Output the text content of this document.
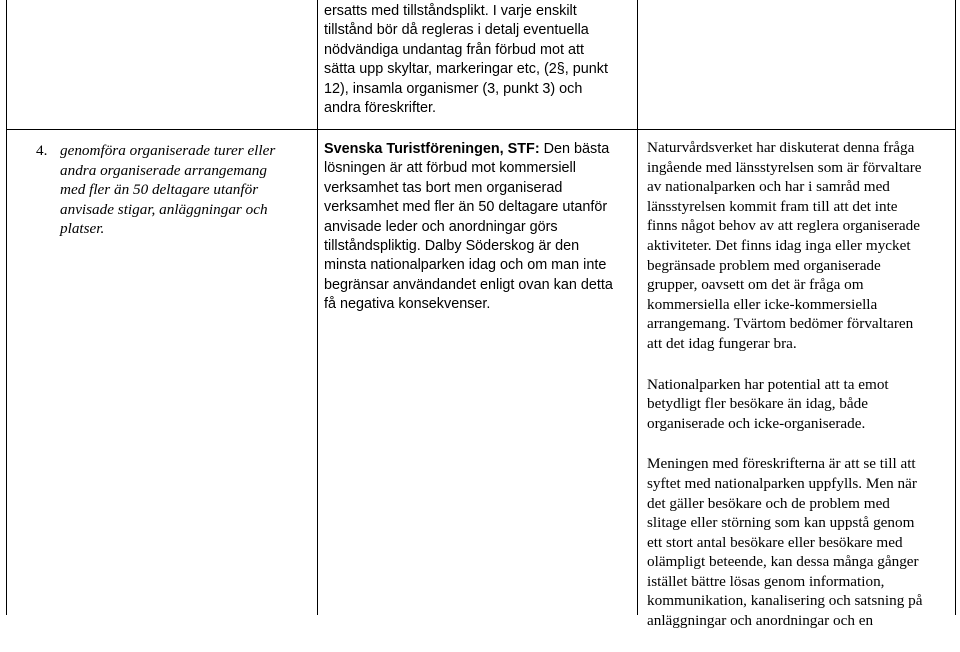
ersatts med tillståndsplikt. I varje enskilt
tillstånd bör då regleras i detalj eventuella
nödvändiga undantag från förbud mot att
sätta upp skyltar, markeringar etc, (2§, punkt
12), insamla organismer (3, punkt 3) och
andra föreskrifter.
4. genomföra organiserade turer eller
andra organiserade arrangemang
med fler än 50 deltagare utanför
anvisade stigar, anläggningar och
platser.
Svenska Turistföreningen, STF: Den bästa
lösningen är att förbud mot kommersiell
verksamhet tas bort men organiserad
verksamhet med fler än 50 deltagare utanför
anvisade leder och anordningar görs
tillståndspliktig. Dalby Söderskog är den
minsta nationalparken idag och om man inte
begränsar användandet enligt ovan kan detta
få negativa konsekvenser.
Naturvårdsverket har diskuterat denna fråga
ingående med länsstyrelsen som är förvaltare
av nationalparken och har i samråd med
länsstyrelsen kommit fram till att det inte
finns något behov av att reglera organiserade
aktiviteter. Det finns idag inga eller mycket
begränsade problem med organiserade
grupper, oavsett om det är fråga om
kommersiella eller icke-kommersiella
arrangemang. Tvärtom bedömer förvaltaren
att det idag fungerar bra.
Nationalparken har potential att ta emot
betydligt fler besökare än idag, både
organiserade och icke-organiserade.
Meningen med föreskrifterna är att se till att
syftet med nationalparken uppfylls. Men när
det gäller besökare och de problem med
slitage eller störning som kan uppstå genom
ett stort antal besökare eller besökare med
olämpligt beteende, kan dessa många gånger
istället bättre lösas genom information,
kommunikation, kanalisering och satsning på
anläggningar och anordningar och en
